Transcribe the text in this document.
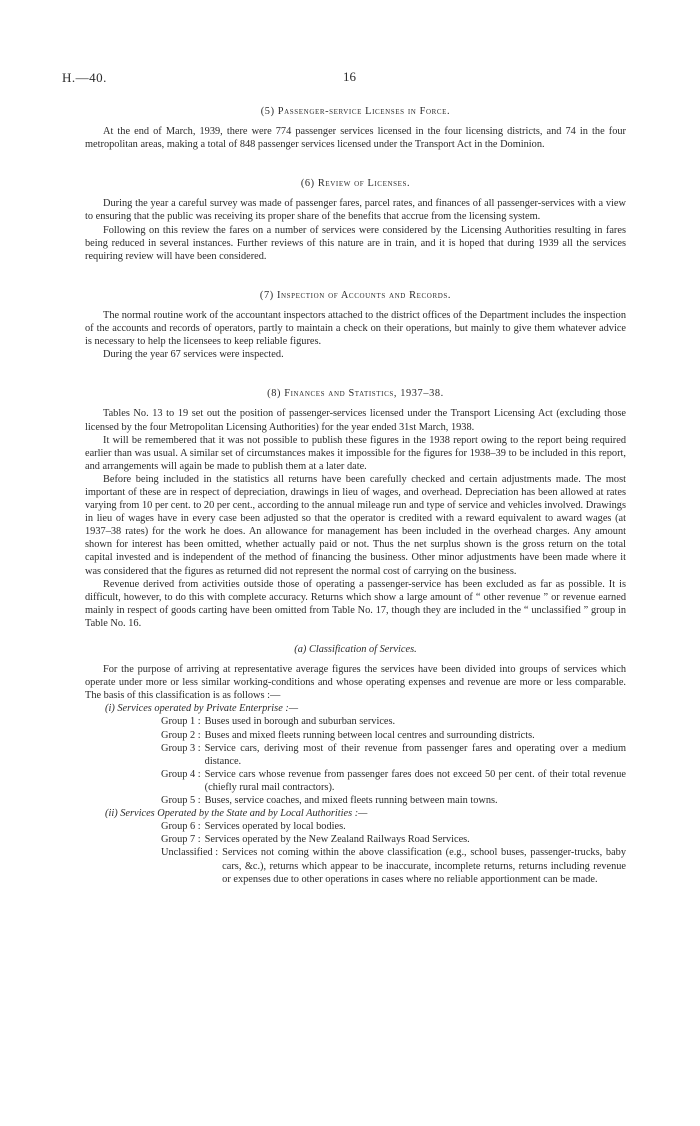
H.—40.	16
(5) Passenger-service Licenses in Force.

At the end of March, 1939, there were 774 passenger services licensed in the four licensing districts, and 74 in the four metropolitan areas, making a total of 848 passenger services licensed under the Transport Act in the Dominion.

(6) Review of Licenses.

During the year a careful survey was made of passenger fares, parcel rates, and finances of all passenger-services with a view to ensuring that the public was receiving its proper share of the benefits that accrue from the licensing system.

Following on this review the fares on a number of services were considered by the Licensing Authorities resulting in fares being reduced in several instances. Further reviews of this nature are in train, and it is hoped that during 1939 all the services requiring review will have been considered.

(7) Inspection of Accounts and Records.

The normal routine work of the accountant inspectors attached to the district offices of the Department includes the inspection of the accounts and records of operators, partly to maintain a check on their operations, but mainly to give them whatever advice is necessary to help the licensees to keep reliable figures.

During the year 67 services were inspected.

(8) Finances and Statistics, 1937–38.

Tables No. 13 to 19 set out the position of passenger-services licensed under the Transport Licensing Act (excluding those licensed by the four Metropolitan Licensing Authorities) for the year ended 31st March, 1938.

It will be remembered that it was not possible to publish these figures in the 1938 report owing to the report being required earlier than was usual. A similar set of circumstances makes it impossible for the figures for 1938–39 to be included in this report, and arrangements will again be made to publish them at a later date.

Before being included in the statistics all returns have been carefully checked and certain adjustments made. The most important of these are in respect of depreciation, drawings in lieu of wages, and overhead. Depreciation has been allowed at rates varying from 10 per cent. to 20 per cent., according to the annual mileage run and type of service and vehicles involved. Drawings in lieu of wages have in every case been adjusted so that the operator is credited with a reward equivalent to award wages (at 1937–38 rates) for the work he does. An allowance for management has been included in the overhead charges. Any amount shown for interest has been omitted, whether actually paid or not. Thus the net surplus shown is the gross return on the total capital invested and is independent of the method of financing the business. Other minor adjustments have been made where it was considered that the figures as returned did not represent the normal cost of carrying on the business.

Revenue derived from activities outside those of operating a passenger-service has been excluded as far as possible. It is difficult, however, to do this with complete accuracy. Returns which show a large amount of “ other revenue ” or revenue earned mainly in respect of goods carting have been omitted from Table No. 17, though they are included in the “ unclassified ” group in Table No. 16.

(a) Classification of Services.

For the purpose of arriving at representative average figures the services have been divided into groups of services which operate under more or less similar working-conditions and whose operating expenses and revenue are more or less comparable. The basis of this classification is as follows :—

(i) Services operated by Private Enterprise :—
Group 1 : Buses used in borough and suburban services.
Group 2 : Buses and mixed fleets running between local centres and surrounding districts.
Group 3 : Service cars, deriving most of their revenue from passenger fares and operating over a medium distance.
Group 4 : Service cars whose revenue from passenger fares does not exceed 50 per cent. of their total revenue (chiefly rural mail contractors).
Group 5 : Buses, service coaches, and mixed fleets running between main towns.
(ii) Services Operated by the State and by Local Authorities :—
Group 6 : Services operated by local bodies.
Group 7 : Services operated by the New Zealand Railways Road Services.
Unclassified : Services not coming within the above classification (e.g., school buses, passenger-trucks, baby cars, &c.), returns which appear to be inaccurate, incomplete returns, returns including revenue or expenses due to other operations in cases where no reliable apportionment can be made.
